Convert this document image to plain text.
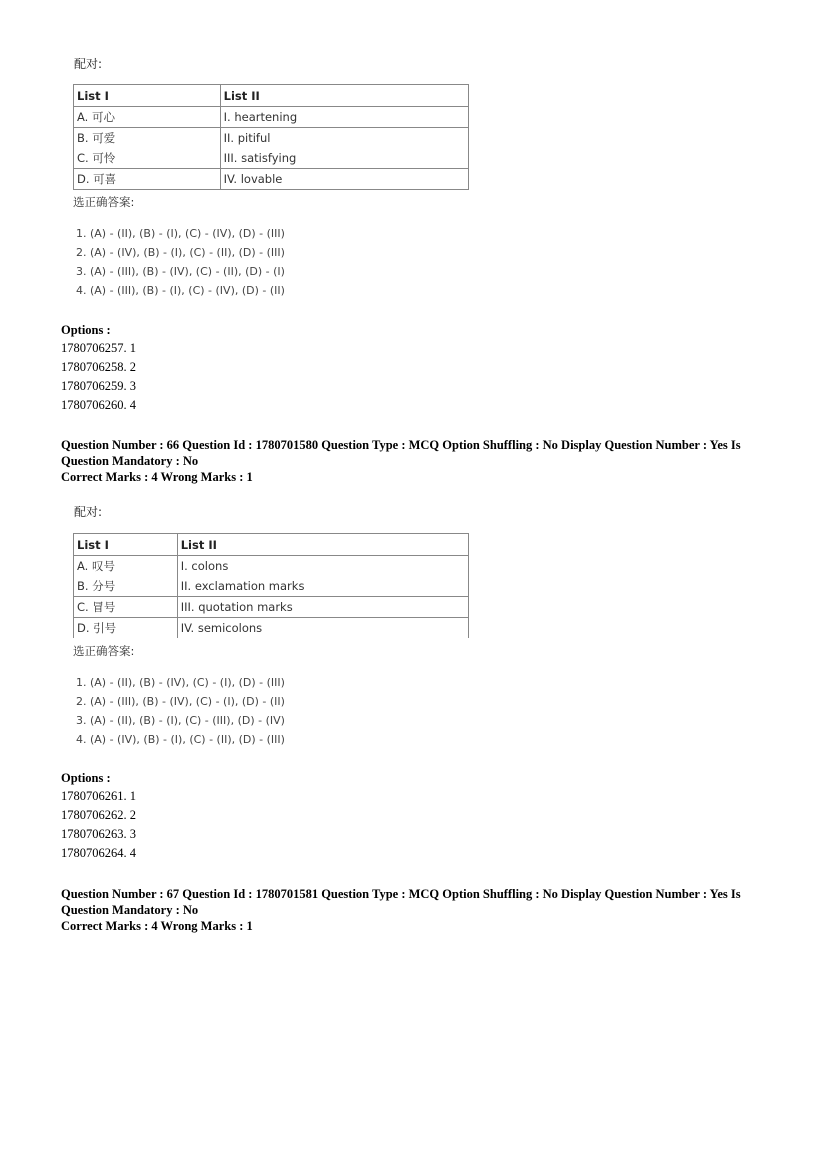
配对:
List I	List II
A. 可心	I. heartening
B. 可爱	II. pitiful
C. 可怜	III. satisfying
D. 可喜	IV. lovable
选正确答案:
1. (A) - (II), (B) - (I), (C) - (IV), (D) - (III)
2. (A) - (IV), (B) - (I), (C) - (II), (D) - (III)
3. (A) - (III), (B) - (IV), (C) - (II), (D) - (I)
4. (A) - (III), (B) - (I), (C) - (IV), (D) - (II)
Options :
1780706257. 1
1780706258. 2
1780706259. 3
1780706260. 4
Question Number : 66 Question Id : 1780701580 Question Type : MCQ Option Shuffling : No Display Question Number : Yes Is
Question Mandatory : No
Correct Marks : 4 Wrong Marks : 1
配对:
List I	List II
A. 叹号	I. colons
B. 分号	II. exclamation marks
C. 冒号	III. quotation marks
D. 引号	IV. semicolons
选正确答案:
1. (A) - (II), (B) - (IV), (C) - (I), (D) - (III)
2. (A) - (III), (B) - (IV), (C) - (I), (D) - (II)
3. (A) - (II), (B) - (I), (C) - (III), (D) - (IV)
4. (A) - (IV), (B) - (I), (C) - (II), (D) - (III)
Options :
1780706261. 1
1780706262. 2
1780706263. 3
1780706264. 4
Question Number : 67 Question Id : 1780701581 Question Type : MCQ Option Shuffling : No Display Question Number : Yes Is
Question Mandatory : No
Correct Marks : 4 Wrong Marks : 1
